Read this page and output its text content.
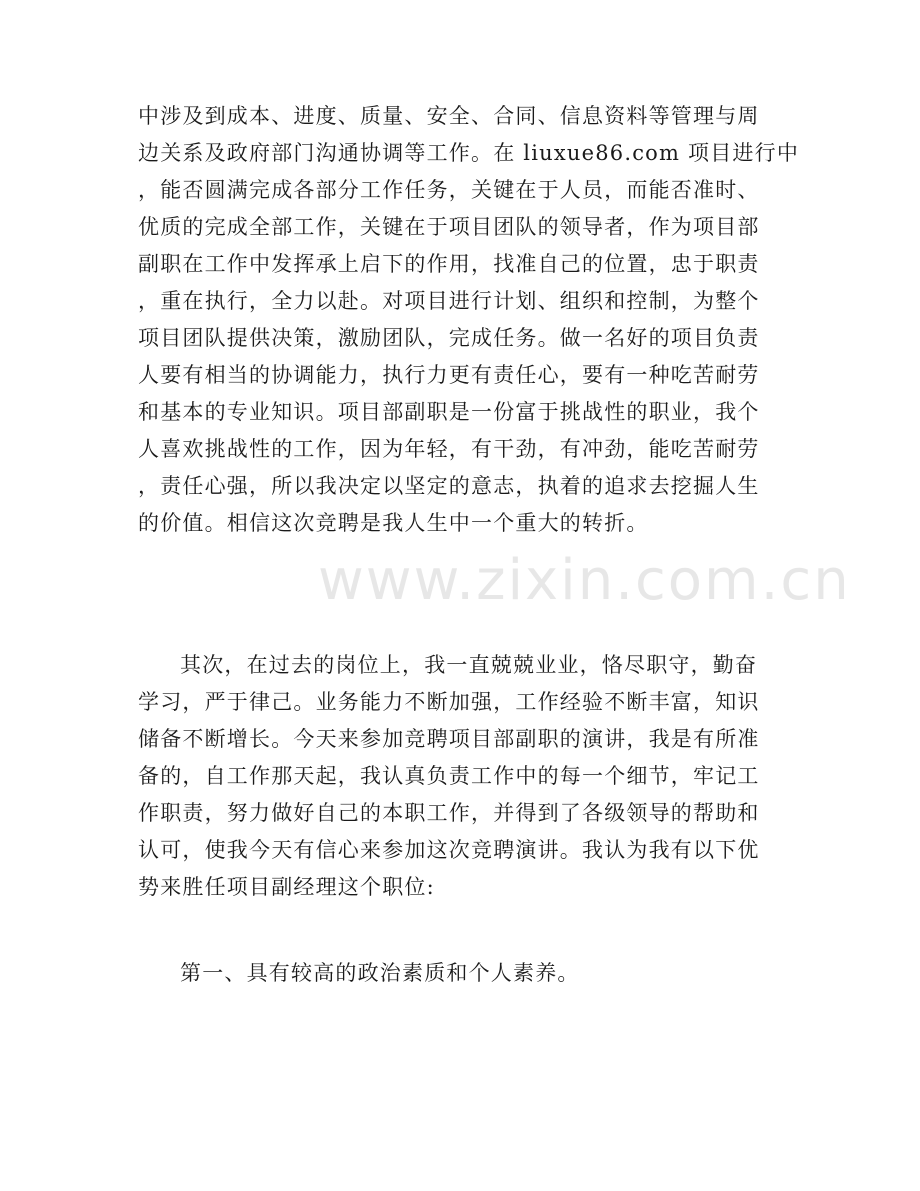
中涉及到成本、进度、质量、安全、合同、信息资料等管理与周
边关系及政府部门沟通协调等工作。在 liuxue86.com 项目进行中
，能否圆满完成各部分工作任务，关键在于人员，而能否准时、
优质的完成全部工作，关键在于项目团队的领导者，作为项目部
副职在工作中发挥承上启下的作用，找准自己的位置，忠于职责
，重在执行，全力以赴。对项目进行计划、组织和控制，为整个
项目团队提供决策，激励团队，完成任务。做一名好的项目负责
人要有相当的协调能力，执行力更有责任心，要有一种吃苦耐劳
和基本的专业知识。项目部副职是一份富于挑战性的职业，我个
人喜欢挑战性的工作，因为年轻，有干劲，有冲劲，能吃苦耐劳
，责任心强，所以我决定以坚定的意志，执着的追求去挖掘人生
的价值。相信这次竞聘是我人生中一个重大的转折。
其次，在过去的岗位上，我一直兢兢业业，恪尽职守，勤奋
学习，严于律己。业务能力不断加强，工作经验不断丰富，知识
储备不断增长。今天来参加竞聘项目部副职的演讲，我是有所准
备的，自工作那天起，我认真负责工作中的每一个细节，牢记工
作职责，努力做好自己的本职工作，并得到了各级领导的帮助和
认可，使我今天有信心来参加这次竞聘演讲。我认为我有以下优
势来胜任项目副经理这个职位:
第一、具有较高的政治素质和个人素养。
www.zixin.com.cn
